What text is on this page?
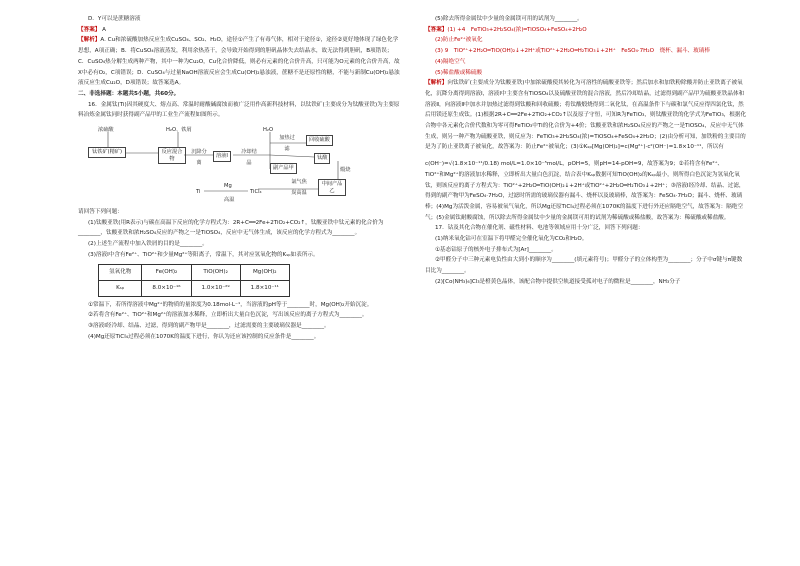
D．Y可以是蔗糖溶液

【答案】 A

【解析】A. Cu和浓硫酸加热反应生成CuSO₄、SO₂、H₂O，途径①产生了有毒气体，相对于途径①，途径②更好地体现了绿色化学思想，A项正确；B．将CuSO₄溶液蒸发，利用余热蒸干，会导致开始得到的胆矾晶体失去结晶水，故无法得到胆矾，B项错误；C．CuSO₄热分解生成两种产物，其中一种为Cu₂O，Cu化合价降低，则必有元素的化合价升高，只可能为O元素的化合价升高，故X中必有O₂，C项错误；D．CuSO₄与过量NaOH溶液反应会生成Cu(OH)₂悬浊液，蔗糖不是还原性的糖，不能与新制Cu(OH)₂悬浊液反应生成Cu₂O，D项错误；故答案选A。

二、非选择题：本题共5小题，共60分。

16．金属钛(Ti)因其硬度大、熔点高、常温时耐酸碱腐蚀而被广泛用作高新科技材料，以钛铁矿(主要成分为钛酸亚铁)为主要原料冶炼金属钛同时获得副产品甲的工业生产流程如图所示。

浓硫酸	H₂O、铁屑
钛铁矿(精矿)	反应混合物
沉降分离
溶液Ⅰ
冷却结晶
H₂O
加热过滤
回收硫酸
副产品甲
钛酸
煅烧
氯气焦炭高温
中间产品乙
TiCl₄
Mg
高温
Ti

请回答下列问题：

(1)钛酸亚铁(用R表示)与碳在高温下反应的化学方程式为：2R+C══2Fe+2TiO₂+CO₂↑，钛酸亚铁中钛元素的化合价为________，钛酸亚铁和浓H₂SO₄反应的产物之一是TiOSO₄，反应中无气体生成，该反应的化学方程式为________。

(2)上述生产流程中加入铁屑的目的是________。

(3)溶液Ⅰ中含有Fe²⁺、TiO²⁺和少量Mg²⁺等阳离子，常温下，其对应氢氧化物的Kₛₚ如表所示。

氢氧化物	Fe(OH)₂	TiO(OH)₂	Mg(OH)₂
Kₛₚ	8.0×10⁻¹⁶	1.0×10⁻²⁹	1.8×10⁻¹¹

①常温下，若所得溶液中Mg²⁺的物质的量浓度为0.18mol·L⁻¹，当溶液的pH等于________时，Mg(OH)₂开始沉淀。

②若将含有Fe²⁺、TiO²⁺和Mg²⁺的溶液加水稀释，立即析出大量白色沉淀，写出该反应的离子方程式为________。

③溶液Ⅰ经冷却、结晶、过滤，得到的副产物甲是________，过滤需要的主要玻璃仪器是________。

(4)Mg还原TiCl₄过程必须在1070K的温度下进行，你认为还应该控制的反应条件是________。

(5)除去所得金属钛中少量的金属镁可用的试剂为________。

【答案】(1) +4　FeTiO₃+2H₂SO₄(浓)═TiOSO₄+FeSO₄+2H₂O

(2)防止Fe²⁺被氧化

(3) 9　TiO²⁺+2H₂O═TiO(OH)₂↓+2H⁺或TiO²⁺+2H₂O═H₂TiO₃↓+2H⁺　FeSO₄·7H₂O　烧杯、漏斗、玻璃棒

(4)隔绝空气

(5)稀盐酸或稀硫酸

【解析】向钛铁矿(主要成分为钛酸亚铁)中加浓硫酸使其转化为可溶性的硫酸亚铁等；然后加水和加铁粉除酸并防止亚铁离子被氧化，沉降分离得到溶液Ⅰ，溶液Ⅰ中主要含有TiOSO₄以及硫酸亚铁的混合溶液，然后冷却结晶，过滤得到副产品甲为硫酸亚铁晶体和溶液Ⅱ，向溶液Ⅱ中加水并加热过滤得到钛酸和回收硫酸；将钛酸煅烧得到二氧化钛，在高温条件下与碳和氯气反应得四氯化钛，然后用镁还原生成钛。(1)根据2R+C══2Fe+2TiO₂+CO₂↑以及原子守恒，可知R为FeTiO₃，则钛酸亚铁的化学式为FeTiO₃，根据化合物中各元素化合价代数和为零可得FeTiO₃中Ti的化合价为+4价；钛酸亚铁和浓H₂SO₄反应的产物之一是TiOSO₄，反应中无气体生成，则另一种产物为硫酸亚铁，则反应为：FeTiO₃+2H₂SO₄(浓)=TiOSO₄+FeSO₄+2H₂O；(2)由分析可知，加铁粉的主要目的是为了防止亚铁离子被氧化，故答案为：防止Fe²⁺被氧化；(3)①Kₛₚ[Mg(OH)₂]=c(Mg²⁺)·c²(OH⁻)=1.8×10⁻¹¹，所以有

c(OH⁻)=√(1.8×10⁻¹¹/0.18) mol/L=1.0×10⁻⁵mol/L，pOH=5，则pH=14-pOH=9，故答案为9；②若将含有Fe²⁺、

TiO²⁺和Mg²⁺的溶液加水稀释，立即析出大量白色沉淀，结合表中Kₛₚ数据可知TiO(OH)₂的Kₛₚ最小，则所得白色沉淀为氢氧化氧钛，则该反应的离子方程式为：TiO²⁺+2H₂O═TiO(OH)₂↓+2H⁺或TiO²⁺+2H₂O═H₂TiO₃↓+2H⁺；③溶液Ⅰ经冷却、结晶、过滤，得到的副产物甲为FeSO₄·7H₂O，过滤时所需的玻璃仪器有漏斗、烧杯以及玻璃棒，故答案为：FeSO₄·7H₂O；漏斗、烧杯、玻璃棒；(4)Mg为活泼金属，容易被氧气氧化，所以Mg还原TiCl₄过程必须在1070K的温度下进行外还应隔绝空气，故答案为：隔绝空气；(5)金属钛耐酸腐蚀，所以除去所得金属钛中少量的金属镁可用的试剂为稀硫酸或稀盐酸，故答案为：稀硫酸或稀盐酸。

17．钴及其化合物在催化剂、磁性材料、电池等领域应用十分广泛，回答下列问题：

(1)纳米氧化钴可在室温下将甲醛完全催化氧化为CO₂和H₂O。

①基态钴原子的核外电子排布式为[Ar]________。

②甲醛分子中三种元素电负性由大到小的顺序为________(填元素符号)；甲醛分子的立体构型为________；分子中σ键与π键数目比为________。

(2)[Co(NH₃)₆]Cl₃是橙黄色晶体，该配合物中提供空轨道接受孤对电子的微粒是________，NH₃分子
